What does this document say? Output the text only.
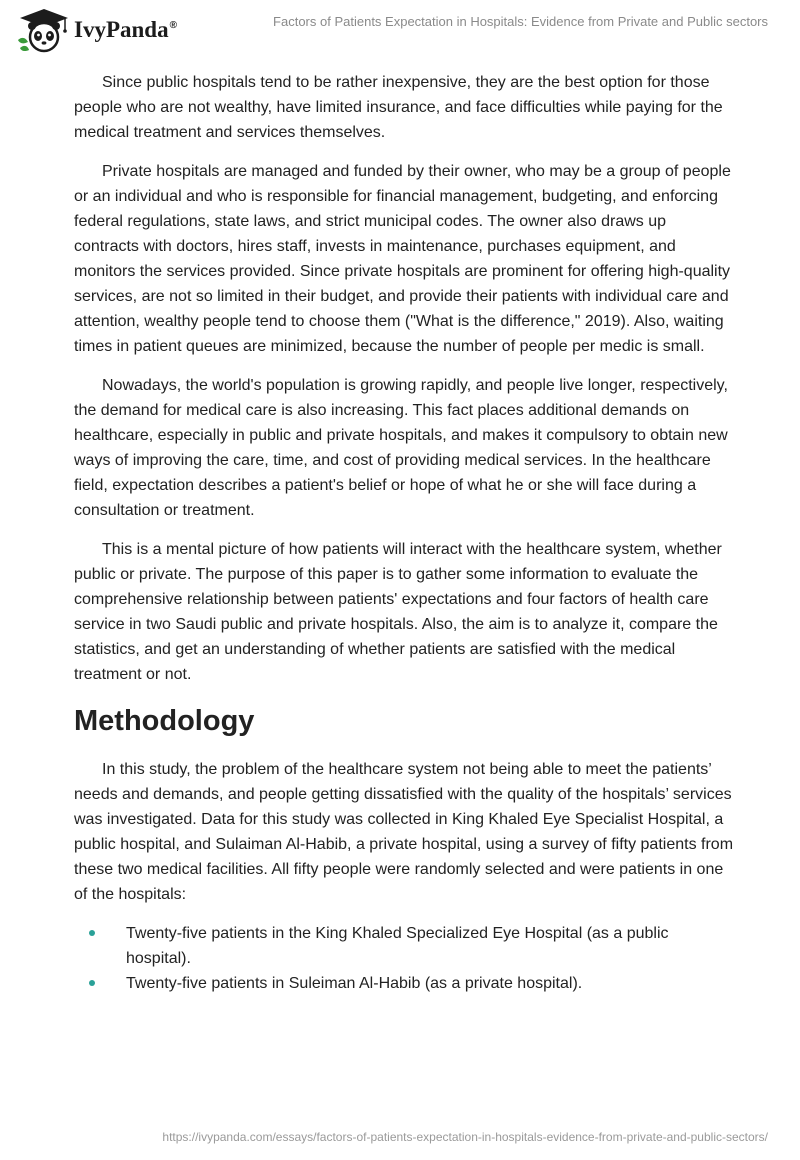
IvyPanda®	Factors of Patients Expectation in Hospitals: Evidence from Private and Public sectors

Since public hospitals tend to be rather inexpensive, they are the best option for those people who are not wealthy, have limited insurance, and face difficulties while paying for the medical treatment and services themselves.

Private hospitals are managed and funded by their owner, who may be a group of people or an individual and who is responsible for financial management, budgeting, and enforcing federal regulations, state laws, and strict municipal codes. The owner also draws up contracts with doctors, hires staff, invests in maintenance, purchases equipment, and monitors the services provided. Since private hospitals are prominent for offering high-quality services, are not so limited in their budget, and provide their patients with individual care and attention, wealthy people tend to choose them ("What is the difference," 2019). Also, waiting times in patient queues are minimized, because the number of people per medic is small.

Nowadays, the world's population is growing rapidly, and people live longer, respectively, the demand for medical care is also increasing. This fact places additional demands on healthcare, especially in public and private hospitals, and makes it compulsory to obtain new ways of improving the care, time, and cost of providing medical services. In the healthcare field, expectation describes a patient's belief or hope of what he or she will face during a consultation or treatment.

This is a mental picture of how patients will interact with the healthcare system, whether public or private. The purpose of this paper is to gather some information to evaluate the comprehensive relationship between patients' expectations and four factors of health care service in two Saudi public and private hospitals. Also, the aim is to analyze it, compare the statistics, and get an understanding of whether patients are satisfied with the medical treatment or not.

Methodology

In this study, the problem of the healthcare system not being able to meet the patients’ needs and demands, and people getting dissatisfied with the quality of the hospitals’ services was investigated. Data for this study was collected in King Khaled Eye Specialist Hospital, a public hospital, and Sulaiman Al-Habib, a private hospital, using a survey of fifty patients from these two medical facilities. All fifty people were randomly selected and were patients in one of the hospitals:

Twenty-five patients in the King Khaled Specialized Eye Hospital (as a public hospital).
Twenty-five patients in Suleiman Al-Habib (as a private hospital).
https://ivypanda.com/essays/factors-of-patients-expectation-in-hospitals-evidence-from-private-and-public-sectors/
